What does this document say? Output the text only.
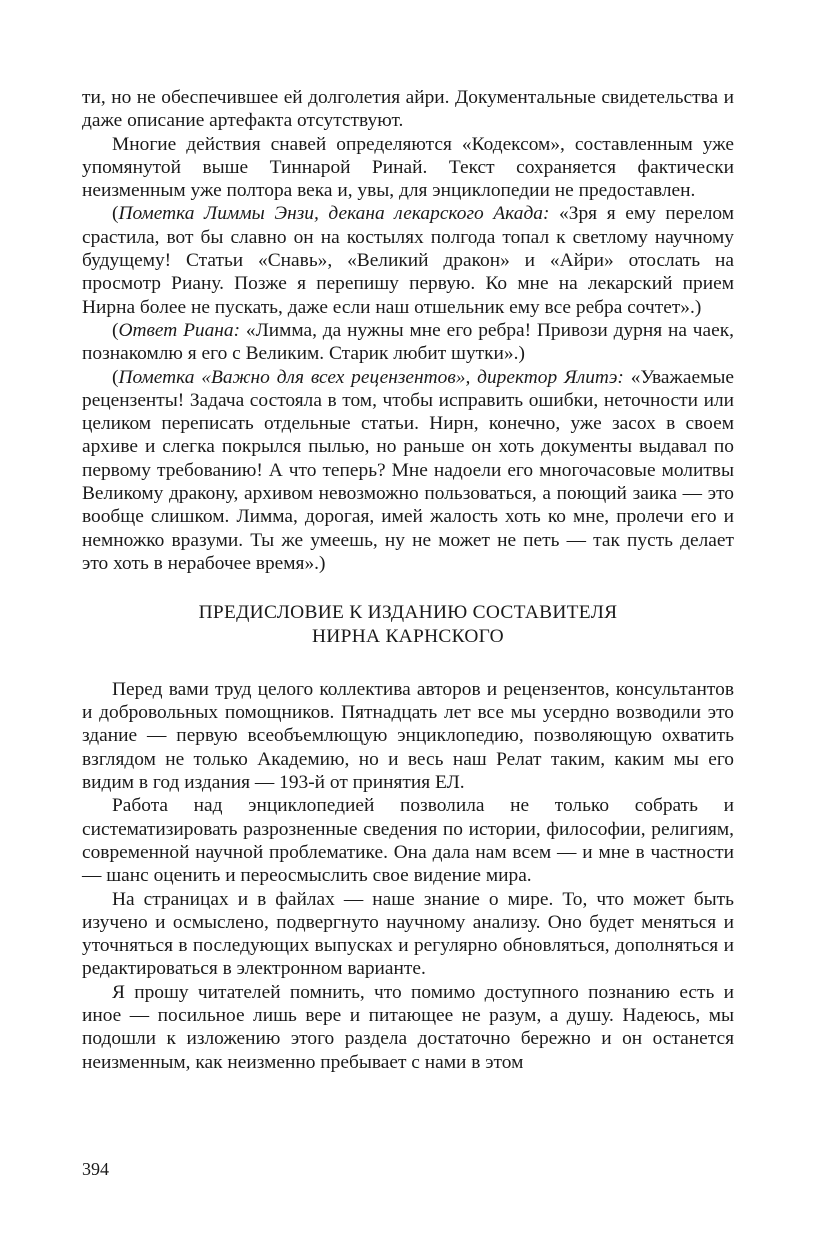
ти, но не обеспечившее ей долголетия айри. Документальные свидетельства и даже описание артефакта отсутствуют.

Многие действия снавей определяются «Кодексом», составленным уже упомянутой выше Тиннарой Ринай. Текст сохраняется фактически неизменным уже полтора века и, увы, для энциклопедии не предоставлен.

(Пометка Лиммы Энзи, декана лекарского Акада: «Зря я ему перелом срастила, вот бы славно он на костылях полгода топал к светлому научному будущему! Статьи «Снавь», «Великий дракон» и «Айри» отослать на просмотр Риану. Позже я перепишу первую. Ко мне на лекарский прием Нирна более не пускать, даже если наш отшельник ему все ребра сочтет».)

(Ответ Риана: «Лимма, да нужны мне его ребра! Привози дурня на чаек, познакомлю я его с Великим. Старик любит шутки».)

(Пометка «Важно для всех рецензентов», директор Ялитэ: «Уважаемые рецензенты! Задача состояла в том, чтобы исправить ошибки, неточности или целиком переписать отдельные статьи. Нирн, конечно, уже засох в своем архиве и слегка покрылся пылью, но раньше он хоть документы выдавал по первому требованию! А что теперь? Мне надоели его многочасовые молитвы Великому дракону, архивом невозможно пользоваться, а поющий заика — это вообще слишком. Лимма, дорогая, имей жалость хоть ко мне, пролечи его и немножко вразуми. Ты же умеешь, ну не может не петь — так пусть делает это хоть в нерабочее время».)

ПРЕДИСЛОВИЕ К ИЗДАНИЮ СОСТАВИТЕЛЯ
НИРНА КАРНСКОГО

Перед вами труд целого коллектива авторов и рецензентов, консультантов и добровольных помощников. Пятнадцать лет все мы усердно возводили это здание — первую всеобъемлющую энциклопедию, позволяющую охватить взглядом не только Академию, но и весь наш Релат таким, каким мы его видим в год издания — 193-й от принятия ЕЛ.

Работа над энциклопедией позволила не только собрать и систематизировать разрозненные сведения по истории, философии, религиям, современной научной проблематике. Она дала нам всем — и мне в частности — шанс оценить и переосмыслить свое видение мира.

На страницах и в файлах — наше знание о мире. То, что может быть изучено и осмыслено, подвергнуто научному анализу. Оно будет меняться и уточняться в последующих выпусках и регулярно обновляться, дополняться и редактироваться в электронном варианте.

Я прошу читателей помнить, что помимо доступного познанию есть и иное — посильное лишь вере и питающее не разум, а душу. Надеюсь, мы подошли к изложению этого раздела достаточно бережно и он останется неизменным, как неизменно пребывает с нами в этом

394
